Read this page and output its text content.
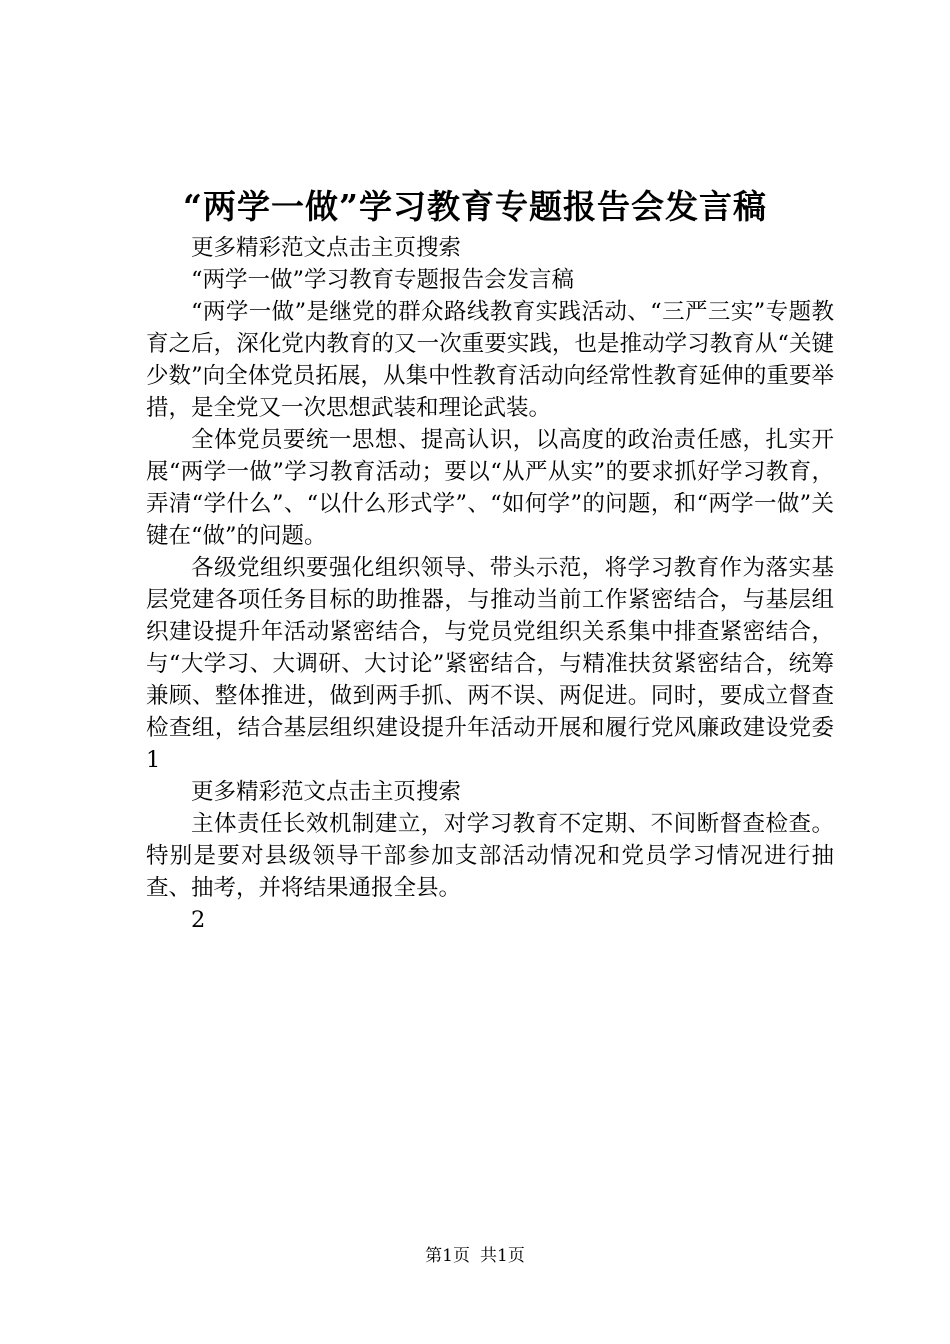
“两学一做”学习教育专题报告会发言稿

更多精彩范文点击主页搜索

“两学一做”学习教育专题报告会发言稿

“两学一做”是继党的群众路线教育实践活动、“三严三实”专题教育之后，深化党内教育的又一次重要实践，也是推动学习教育从“关键少数”向全体党员拓展，从集中性教育活动向经常性教育延伸的重要举措，是全党又一次思想武装和理论武装。

全体党员要统一思想、提高认识，以高度的政治责任感，扎实开展“两学一做”学习教育活动；要以“从严从实”的要求抓好学习教育，弄清“学什么”、“以什么形式学”、“如何学”的问题，和“两学一做”关键在“做”的问题。

各级党组织要强化组织领导、带头示范，将学习教育作为落实基层党建各项任务目标的助推器，与推动当前工作紧密结合，与基层组织建设提升年活动紧密结合，与党员党组织关系集中排查紧密结合，与“大学习、大调研、大讨论”紧密结合，与精准扶贫紧密结合，统筹兼顾、整体推进，做到两手抓、两不误、两促进。同时，要成立督查检查组，结合基层组织建设提升年活动开展和履行党风廉政建设党委1

更多精彩范文点击主页搜索

主体责任长效机制建立，对学习教育不定期、不间断督查检查。特别是要对县级领导干部参加支部活动情况和党员学习情况进行抽查、抽考，并将结果通报全县。

2

第1页 共1页
